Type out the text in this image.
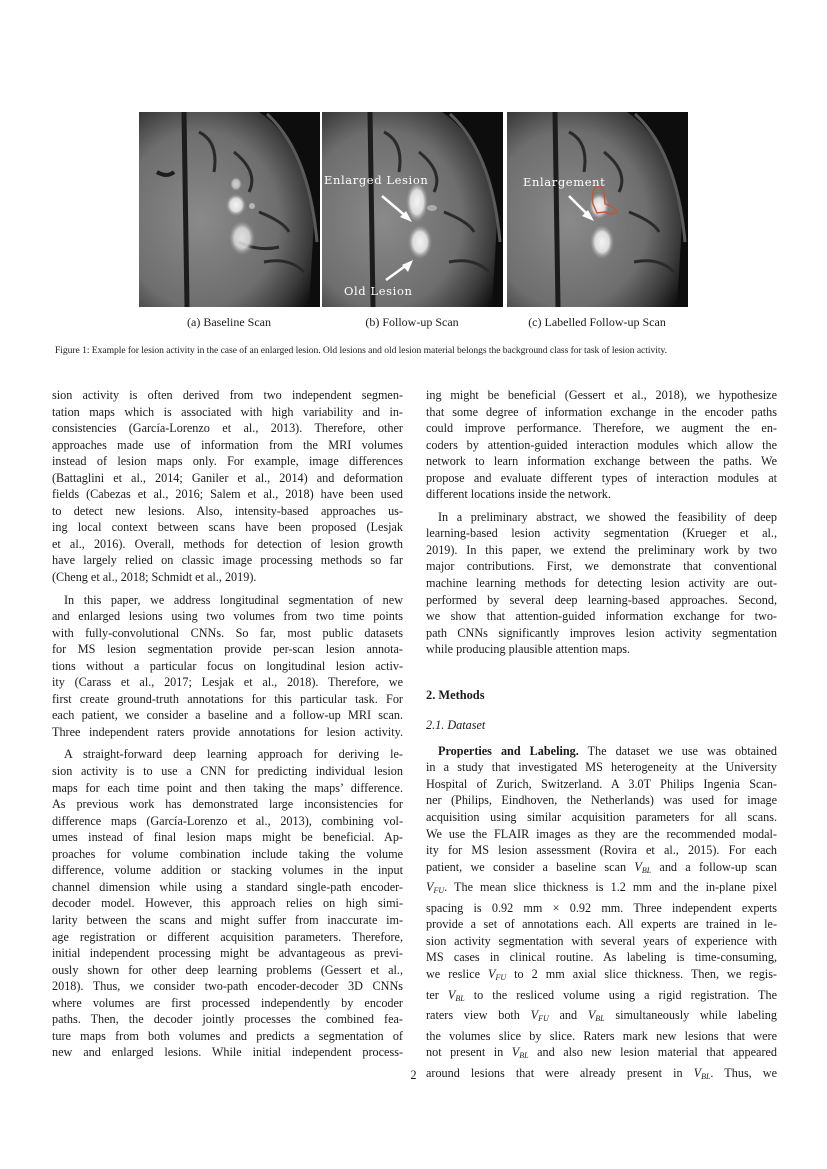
Enlarged Lesion
Old Lesion
Enlargement
(a) Baseline Scan	(b) Follow-up Scan	(c) Labelled Follow-up Scan
Figure 1: Example for lesion activity in the case of an enlarged lesion. Old lesions and old lesion material belongs the background class for task of lesion activity.

sion activity is often derived from two independent segmen-
tation maps which is associated with high variability and in-
consistencies (García-Lorenzo et al., 2013). Therefore, other
approaches made use of information from the MRI volumes
instead of lesion maps only. For example, image differences
(Battaglini et al., 2014; Ganiler et al., 2014) and deformation
fields (Cabezas et al., 2016; Salem et al., 2018) have been used
to detect new lesions. Also, intensity-based approaches us-
ing local context between scans have been proposed (Lesjak
et al., 2016). Overall, methods for detection of lesion growth
have largely relied on classic image processing methods so far
(Cheng et al., 2018; Schmidt et al., 2019).

In this paper, we address longitudinal segmentation of new
and enlarged lesions using two volumes from two time points
with fully-convolutional CNNs. So far, most public datasets
for MS lesion segmentation provide per-scan lesion annota-
tions without a particular focus on longitudinal lesion activ-
ity (Carass et al., 2017; Lesjak et al., 2018). Therefore, we
first create ground-truth annotations for this particular task. For
each patient, we consider a baseline and a follow-up MRI scan.
Three independent raters provide annotations for lesion activity.

A straight-forward deep learning approach for deriving le-
sion activity is to use a CNN for predicting individual lesion
maps for each time point and then taking the maps’ difference.
As previous work has demonstrated large inconsistencies for
difference maps (García-Lorenzo et al., 2013), combining vol-
umes instead of final lesion maps might be beneficial. Ap-
proaches for volume combination include taking the volume
difference, volume addition or stacking volumes in the input
channel dimension while using a standard single-path encoder-
decoder model. However, this approach relies on high simi-
larity between the scans and might suffer from inaccurate im-
age registration or different acquisition parameters. Therefore,
initial independent processing might be advantageous as previ-
ously shown for other deep learning problems (Gessert et al.,
2018). Thus, we consider two-path encoder-decoder 3D CNNs
where volumes are first processed independently by encoder
paths. Then, the decoder jointly processes the combined fea-
ture maps from both volumes and predicts a segmentation of
new and enlarged lesions. While initial independent process-

ing might be beneficial (Gessert et al., 2018), we hypothesize
that some degree of information exchange in the encoder paths
could improve performance. Therefore, we augment the en-
coders by attention-guided interaction modules which allow the
network to learn information exchange between the paths. We
propose and evaluate different types of interaction modules at
different locations inside the network.

In a preliminary abstract, we showed the feasibility of deep
learning-based lesion activity segmentation (Krueger et al.,
2019). In this paper, we extend the preliminary work by two
major contributions. First, we demonstrate that conventional
machine learning methods for detecting lesion activity are out-
performed by several deep learning-based approaches. Second,
we show that attention-guided information exchange for two-
path CNNs significantly improves lesion activity segmentation
while producing plausible attention maps.

2. Methods
2.1. Dataset

Properties and Labeling. The dataset we use was obtained
in a study that investigated MS heterogeneity at the University
Hospital of Zurich, Switzerland. A 3.0T Philips Ingenia Scan-
ner (Philips, Eindhoven, the Netherlands) was used for image
acquisition using similar acquisition parameters for all scans.
We use the FLAIR images as they are the recommended modal-
ity for MS lesion assessment (Rovira et al., 2015). For each
patient, we consider a baseline scan $V_{BL}$ and a follow-up scan
$V_{FU}$. The mean slice thickness is 1.2 mm and the in-plane pixel
spacing is 0.92 mm × 0.92 mm. Three independent experts
provide a set of annotations each. All experts are trained in le-
sion activity segmentation with several years of experience with
MS cases in clinical routine. As labeling is time-consuming,
we reslice $V_{FU}$ to 2 mm axial slice thickness. Then, we regis-
ter $V_{BL}$ to the resliced volume using a rigid registration. The
raters view both $V_{FU}$ and $V_{BL}$ simultaneously while labeling
the volumes slice by slice. Raters mark new lesions that were
not present in $V_{BL}$ and also new lesion material that appeared
around lesions that were already present in $V_{BL}$. Thus, we

2
